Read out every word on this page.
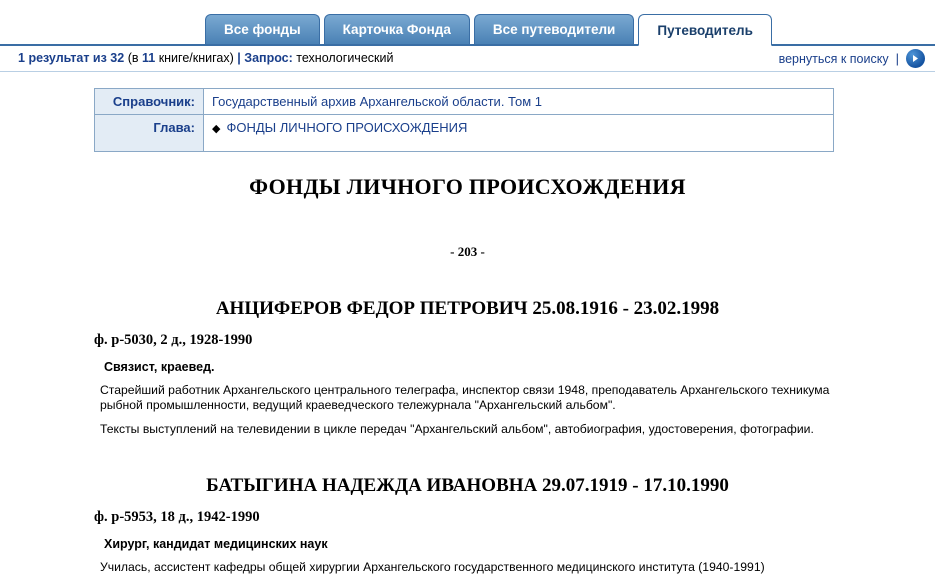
Все фонды	Карточка Фонда	Все путеводители	Путеводитель
1 результат из 32 (в 11 книге/книгах) | Запрос: технологический	вернуться к поиску |
Справочник:	Государственный архив Архангельской области. Том 1
Глава:	◆ ФОНДЫ ЛИЧНОГО ПРОИСХОЖДЕНИЯ
ФОНДЫ ЛИЧНОГО ПРОИСХОЖДЕНИЯ
- 203 -
АНЦИФЕРОВ ФЕДОР ПЕТРОВИЧ 25.08.1916 - 23.02.1998
ф. р-5030, 2 д., 1928-1990
Связист, краевед.
Старейший работник Архангельского центрального телеграфа, инспектор связи 1948, преподаватель Архангельского техникума рыбной промышленности, ведущий краеведческого тележурнала "Архангельский альбом".
Тексты выступлений на телевидении в цикле передач "Архангельский альбом", автобиография, удостоверения, фотографии.
БАТЫГИНА НАДЕЖДА ИВАНОВНА 29.07.1919 - 17.10.1990
ф. р-5953, 18 д., 1942-1990
Хирург, кандидат медицинских наук
Училась, ассистент кафедры общей хирургии Архангельского государственного медицинского института (1940-1991)
